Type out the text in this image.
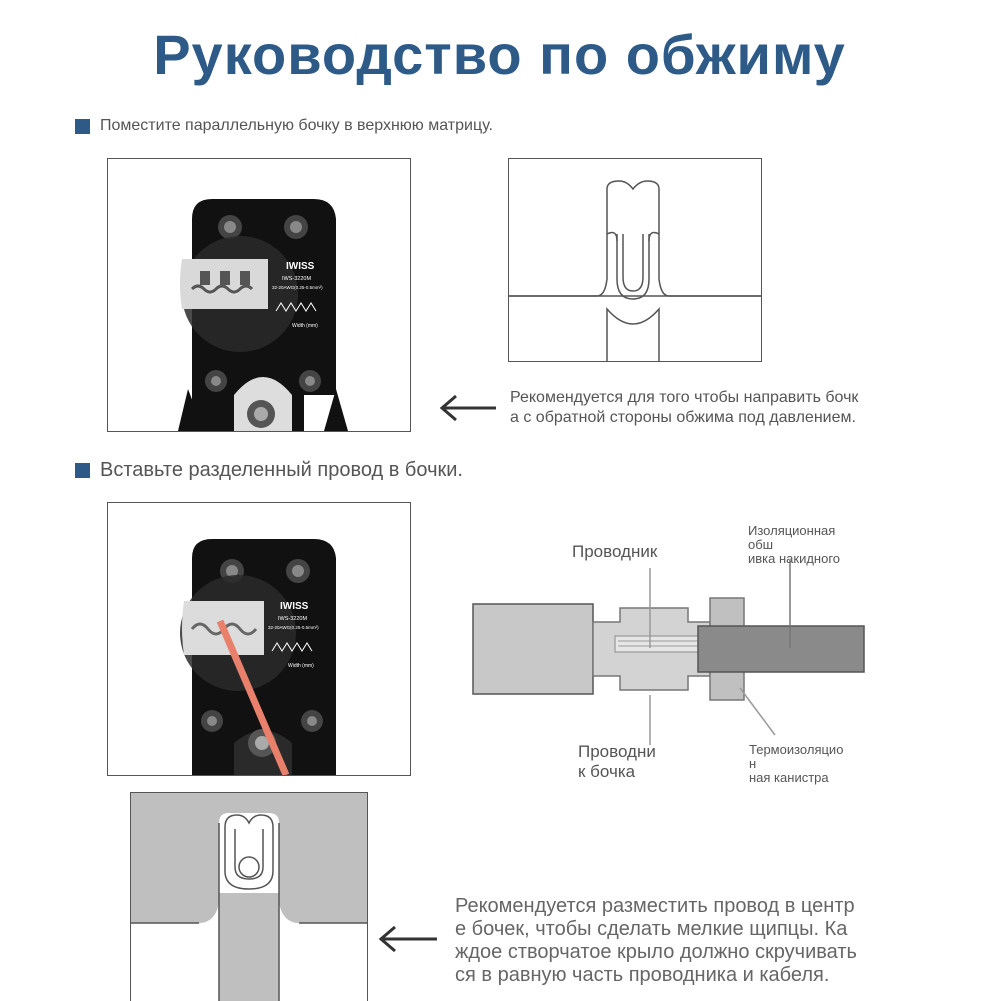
Руководство по обжиму
Поместите параллельную бочку в верхнюю матрицу.
IWISS
IWS-3220M
32-20AWG(0.25-0.5mm²)
Width (mm)
Рекомендуется для того чтобы направить бочк
а с обратной стороны обжима под давлением.
Вставьте разделенный провод в бочки.
IWISS
IWS-3220M
32-20AWG(0.25-0.5mm²)
Width (mm)
Проводник
Изоляционная
обш
ивка накидного
Проводни
к бочка
Термоизоляцио
н
ная канистра
Рекомендуется разместить провод в центр
е бочек, чтобы сделать мелкие щипцы. Ка
ждое створчатое крыло должно скручивать
ся в равную часть проводника и кабеля.
